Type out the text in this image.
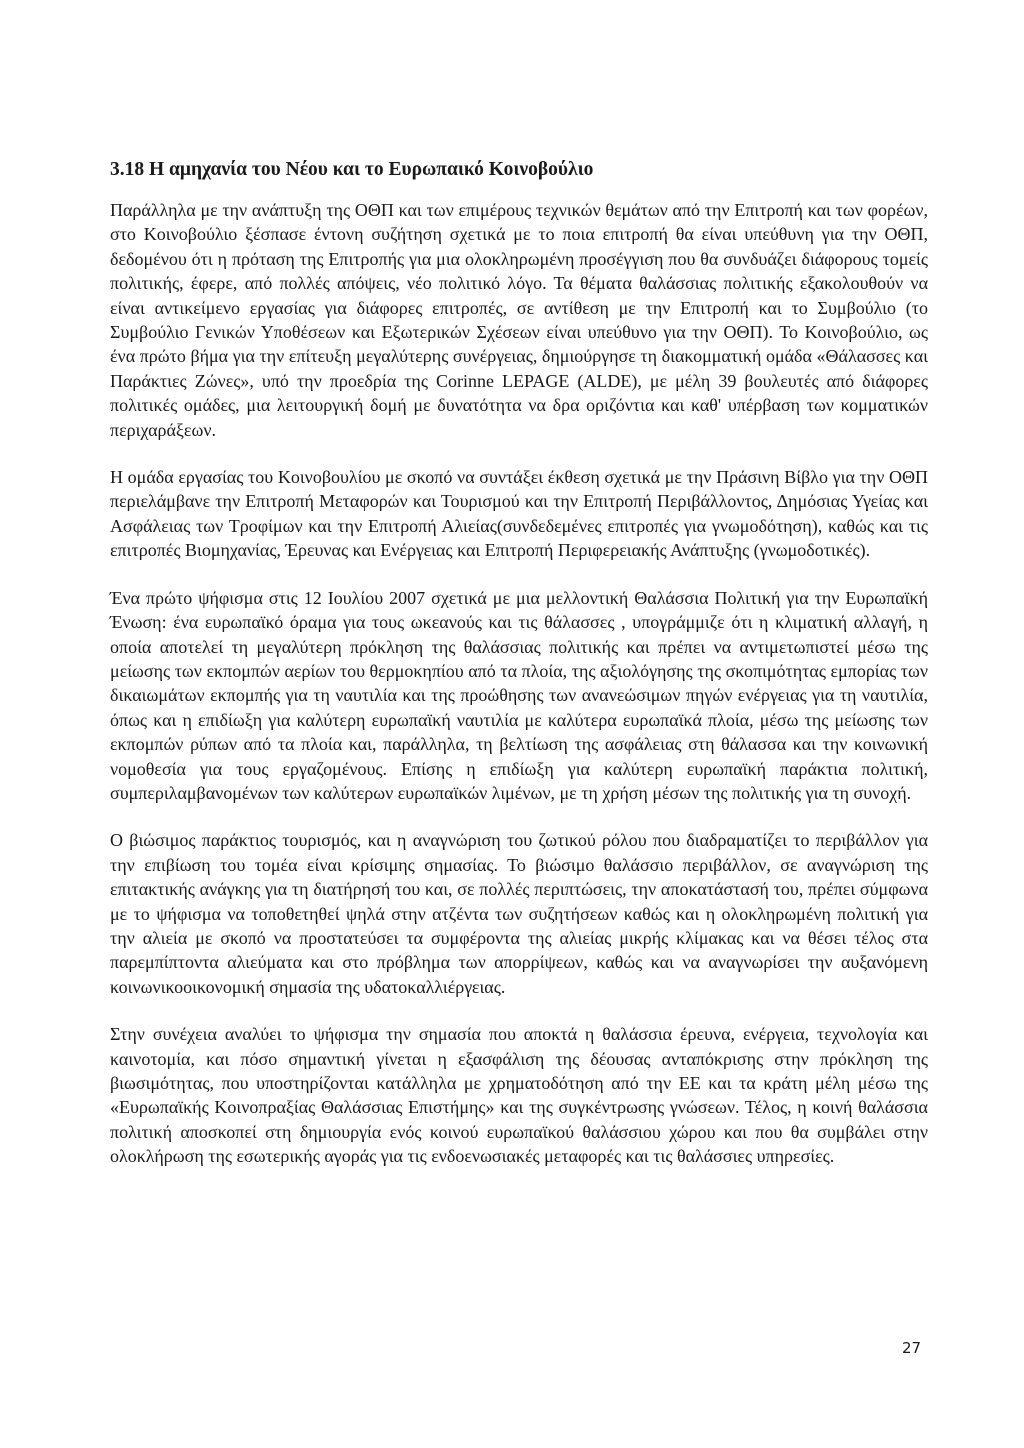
3.18 Η αμηχανία του Νέου και το Ευρωπαικό Κοινοβούλιο

Παράλληλα με την ανάπτυξη της ΟΘΠ και των επιμέρους τεχνικών θεμάτων από την Επιτροπή και των φορέων, στο Κοινοβούλιο ξέσπασε έντονη συζήτηση σχετικά με το ποια επιτροπή θα είναι υπεύθυνη για την ΟΘΠ, δεδομένου ότι η πρόταση της Επιτροπής για μια ολοκληρωμένη προσέγγιση που θα συνδυάζει διάφορους τομείς πολιτικής, έφερε, από πολλές απόψεις, νέο πολιτικό λόγο. Τα θέματα θαλάσσιας πολιτικής εξακολουθούν να είναι αντικείμενο εργασίας για διάφορες επιτροπές, σε αντίθεση με την Επιτροπή και το Συμβούλιο (το Συμβούλιο Γενικών Υποθέσεων και Εξωτερικών Σχέσεων είναι υπεύθυνο για την ΟΘΠ). Το Κοινοβούλιο, ως ένα πρώτο βήμα για την επίτευξη μεγαλύτερης συνέργειας, δημιούργησε τη διακομματική ομάδα «Θάλασσες και Παράκτιες Ζώνες», υπό την προεδρία της Corinne LEPAGE (ALDE), με μέλη 39 βουλευτές από διάφορες πολιτικές ομάδες, μια λειτουργική δομή με δυνατότητα να δρα οριζόντια και καθ' υπέρβαση των κομματικών περιχαράξεων.

Η ομάδα εργασίας του Κοινοβουλίου με σκοπό να συντάξει έκθεση σχετικά με την Πράσινη Βίβλο για την ΟΘΠ περιελάμβανε την Επιτροπή Μεταφορών και Τουρισμού και την Επιτροπή Περιβάλλοντος, Δημόσιας Υγείας και Ασφάλειας των Τροφίμων και την Επιτροπή Αλιείας(συνδεδεμένες επιτροπές για γνωμοδότηση), καθώς και τις επιτροπές Βιομηχανίας, Έρευνας και Ενέργειας και Επιτροπή Περιφερειακής Ανάπτυξης (γνωμοδοτικές).

Ένα πρώτο ψήφισμα στις 12 Ιουλίου 2007 σχετικά με μια μελλοντική Θαλάσσια Πολιτική για την Ευρωπαϊκή Ένωση: ένα ευρωπαϊκό όραμα για τους ωκεανούς και τις θάλασσες , υπογράμμιζε ότι η κλιματική αλλαγή, η οποία αποτελεί τη μεγαλύτερη πρόκληση της θαλάσσιας πολιτικής και πρέπει να αντιμετωπιστεί μέσω της μείωσης των εκπομπών αερίων του θερμοκηπίου από τα πλοία, της αξιολόγησης της σκοπιμότητας εμπορίας των δικαιωμάτων εκπομπής για τη ναυτιλία και της προώθησης των ανανεώσιμων πηγών ενέργειας για τη ναυτιλία, όπως και η επιδίωξη για καλύτερη ευρωπαϊκή ναυτιλία με καλύτερα ευρωπαϊκά πλοία, μέσω της μείωσης των εκπομπών ρύπων από τα πλοία και, παράλληλα, τη βελτίωση της ασφάλειας στη θάλασσα και την κοινωνική νομοθεσία για τους εργαζομένους. Επίσης η επιδίωξη για καλύτερη ευρωπαϊκή παράκτια πολιτική, συμπεριλαμβανομένων των καλύτερων ευρωπαϊκών λιμένων, με τη χρήση μέσων της πολιτικής για τη συνοχή.

Ο βιώσιμος παράκτιος τουρισμός, και η αναγνώριση του ζωτικού ρόλου που διαδραματίζει το περιβάλλον για την επιβίωση του τομέα είναι κρίσιμης σημασίας. Το βιώσιμο θαλάσσιο περιβάλλον, σε αναγνώριση της επιτακτικής ανάγκης για τη διατήρησή του και, σε πολλές περιπτώσεις, την αποκατάστασή του, πρέπει σύμφωνα με το ψήφισμα να τοποθετηθεί ψηλά στην ατζέντα των συζητήσεων καθώς και η ολοκληρωμένη πολιτική για την αλιεία με σκοπό να προστατεύσει τα συμφέροντα της αλιείας μικρής κλίμακας και να θέσει τέλος στα παρεμπίπτοντα αλιεύματα και στο πρόβλημα των απορρίψεων, καθώς και να αναγνωρίσει την αυξανόμενη κοινωνικοοικονομική σημασία της υδατοκαλλιέργειας.

Στην συνέχεια αναλύει το ψήφισμα την σημασία που αποκτά η θαλάσσια έρευνα, ενέργεια, τεχνολογία και καινοτομία, και πόσο σημαντική γίνεται η εξασφάλιση της δέουσας ανταπόκρισης στην πρόκληση της βιωσιμότητας, που υποστηρίζονται κατάλληλα με χρηματοδότηση από την ΕΕ και τα κράτη μέλη μέσω της «Ευρωπαϊκής Κοινοπραξίας Θαλάσσιας Επιστήμης» και της συγκέντρωσης γνώσεων. Τέλος, η κοινή θαλάσσια πολιτική αποσκοπεί στη δημιουργία ενός κοινού ευρωπαϊκού θαλάσσιου χώρου και που θα συμβάλει στην ολοκλήρωση της εσωτερικής αγοράς για τις ενδοενωσιακές μεταφορές και τις θαλάσσιες υπηρεσίες.

27
